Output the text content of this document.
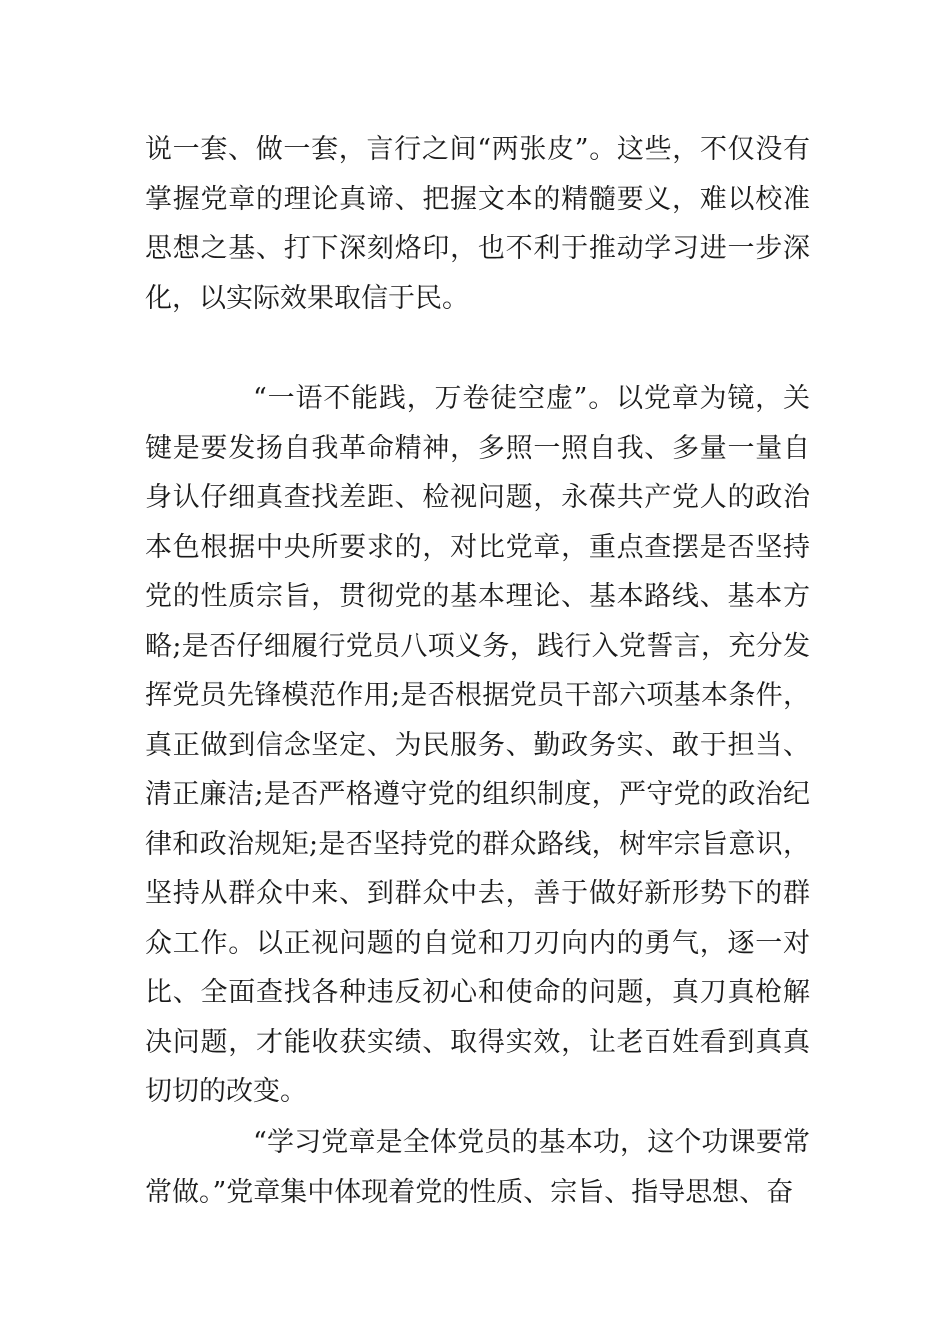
说一套、做一套，言行之间“两张皮”。这些，不仅没有掌握党章的理论真谛、把握文本的精髓要义，难以校准思想之基、打下深刻烙印，也不利于推动学习进一步深化，以实际效果取信于民。

“一语不能践，万卷徒空虚”。以党章为镜，关键是要发扬自我革命精神，多照一照自我、多量一量自身认仔细真查找差距、检视问题，永葆共产党人的政治本色根据中央所要求的，对比党章，重点查摆是否坚持党的性质宗旨，贯彻党的基本理论、基本路线、基本方略;是否仔细履行党员八项义务，践行入党誓言，充分发挥党员先锋模范作用;是否根据党员干部六项基本条件，真正做到信念坚定、为民服务、勤政务实、敢于担当、清正廉洁;是否严格遵守党的组织制度，严守党的政治纪律和政治规矩;是否坚持党的群众路线，树牢宗旨意识，坚持从群众中来、到群众中去，善于做好新形势下的群众工作。以正视问题的自觉和刀刃向内的勇气，逐一对比、全面查找各种违反初心和使命的问题，真刀真枪解决问题，才能收获实绩、取得实效，让老百姓看到真真切切的改变。

“学习党章是全体党员的基本功，这个功课要常常做。”党章集中体现着党的性质、宗旨、指导思想、奋
